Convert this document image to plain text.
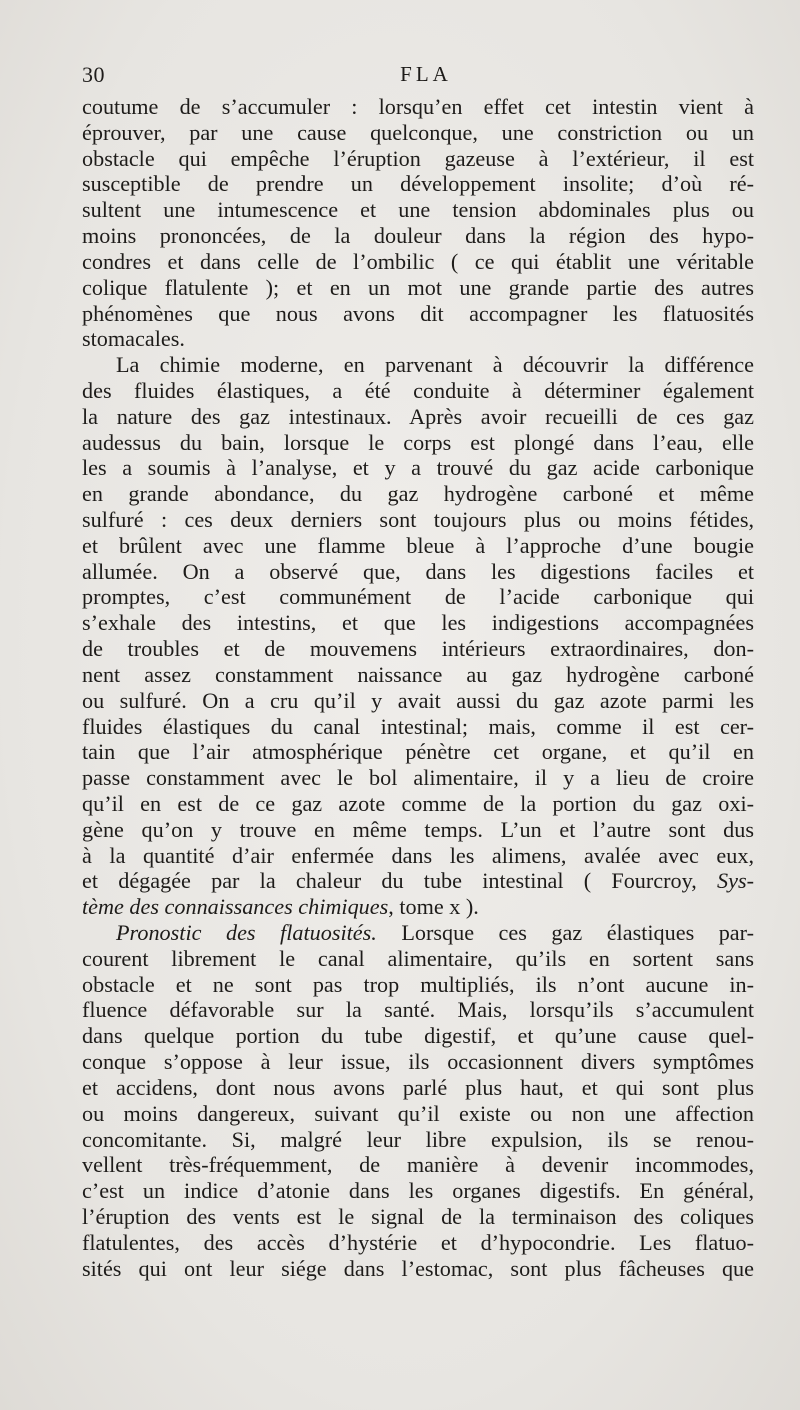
30	FLA
coutume de s’accumuler : lorsqu’en effet cet intestin vient à
éprouver, par une cause quelconque, une constriction ou un
obstacle qui empêche l’éruption gazeuse à l’extérieur, il est
susceptible de prendre un développement insolite; d’où ré-
sultent une intumescence et une tension abdominales plus ou
moins prononcées, de la douleur dans la région des hypo-
condres et dans celle de l’ombilic ( ce qui établit une véritable
colique flatulente ); et en un mot une grande partie des autres
phénomènes que nous avons dit accompagner les flatuosités
stomacales.
La chimie moderne, en parvenant à découvrir la différence
des fluides élastiques, a été conduite à déterminer également
la nature des gaz intestinaux. Après avoir recueilli de ces gaz
audessus du bain, lorsque le corps est plongé dans l’eau, elle
les a soumis à l’analyse, et y a trouvé du gaz acide carbonique
en grande abondance, du gaz hydrogène carboné et même
sulfuré : ces deux derniers sont toujours plus ou moins fétides,
et brûlent avec une flamme bleue à l’approche d’une bougie
allumée. On a observé que, dans les digestions faciles et
promptes, c’est communément de l’acide carbonique qui
s’exhale des intestins, et que les indigestions accompagnées
de troubles et de mouvemens intérieurs extraordinaires, don-
nent assez constamment naissance au gaz hydrogène carboné
ou sulfuré. On a cru qu’il y avait aussi du gaz azote parmi les
fluides élastiques du canal intestinal; mais, comme il est cer-
tain que l’air atmosphérique pénètre cet organe, et qu’il en
passe constamment avec le bol alimentaire, il y a lieu de croire
qu’il en est de ce gaz azote comme de la portion du gaz oxi-
gène qu’on y trouve en même temps. L’un et l’autre sont dus
à la quantité d’air enfermée dans les alimens, avalée avec eux,
et dégagée par la chaleur du tube intestinal ( Fourcroy, Sys-
tème des connaissances chimiques, tome x ).
Pronostic des flatuosités. Lorsque ces gaz élastiques par-
courent librement le canal alimentaire, qu’ils en sortent sans
obstacle et ne sont pas trop multipliés, ils n’ont aucune in-
fluence défavorable sur la santé. Mais, lorsqu’ils s’accumulent
dans quelque portion du tube digestif, et qu’une cause quel-
conque s’oppose à leur issue, ils occasionnent divers symptômes
et accidens, dont nous avons parlé plus haut, et qui sont plus
ou moins dangereux, suivant qu’il existe ou non une affection
concomitante. Si, malgré leur libre expulsion, ils se renou-
vellent très-fréquemment, de manière à devenir incommodes,
c’est un indice d’atonie dans les organes digestifs. En général,
l’éruption des vents est le signal de la terminaison des coliques
flatulentes, des accès d’hystérie et d’hypocondrie. Les flatuo-
sités qui ont leur siége dans l’estomac, sont plus fâcheuses que
